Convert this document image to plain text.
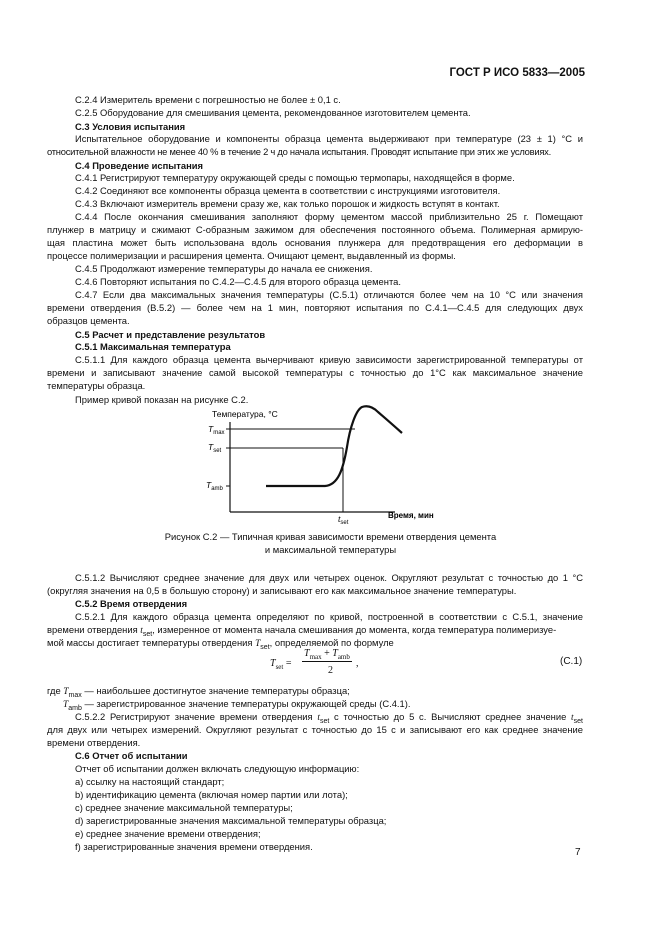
ГОСТ Р ИСО 5833—2005
С.2.4 Измеритель времени с погрешностью не более ± 0,1 с.
С.2.5 Оборудование для смешивания цемента, рекомендованное изготовителем цемента.
С.3 Условия испытания
Испытательное оборудование и компоненты образца цемента выдерживают при температуре (23 ± 1) °С и
относительной влажности не менее 40 % в течение 2 ч до начала испытания. Проводят испытание при этих же условиях.
С.4 Проведение испытания
С.4.1 Регистрируют температуру окружающей среды с помощью термопары, находящейся в форме.
С.4.2 Соединяют все компоненты образца цемента в соответствии с инструкциями изготовителя.
С.4.3 Включают измеритель времени сразу же, как только порошок и жидкость вступят в контакт.
С.4.4 После окончания смешивания заполняют форму цементом массой приблизительно 25 г. Помещают
плунжер в матрицу и сжимают С-образным зажимом для обеспечения постоянного объема. Полимерная армирую-
щая пластина может быть использована вдоль основания плунжера для предотвращения его деформации в
процессе полимеризации и расширения цемента. Очищают цемент, выдавленный из формы.
С.4.5 Продолжают измерение температуры до начала ее снижения.
С.4.6 Повторяют испытания по С.4.2—С.4.5 для второго образца цемента.
С.4.7 Если два максимальных значения температуры (С.5.1) отличаются более чем на 10 °С или значения
времени отвердения (В.5.2) — более чем на 1 мин, повторяют испытания по С.4.1—С.4.5 для следующих двух
образцов цемента.
С.5 Расчет и представление результатов
С.5.1 Максимальная температура
С.5.1.1 Для каждого образца цемента вычерчивают кривую зависимости зарегистрированной температуры от
времени и записывают значение самой высокой температуры с точностью до 1°С как максимальное значение
температуры образца.
Пример кривой показан на рисунке С.2.
Температура, °С
$T_{max}$
$T_{set}$
$T_{amb}$
$t_{set}$
Время, мин
Рисунок С.2 — Типичная кривая зависимости времени отвердения цемента
и максимальной температуры
С.5.1.2 Вычисляют среднее значение для двух или четырех оценок. Округляют результат с точностью до 1 °С
(округляя значения на 0,5 в большую сторону) и записывают его как максимальное значение температуры.
С.5.2 Время отвердения
С.5.2.1 Для каждого образца цемента определяют по кривой, построенной в соответствии с С.5.1, значение
времени отвердения $t_{set}$, измеренное от момента начала смешивания до момента, когда температура полимеризуе-
мой массы достигает температуры отвердения $T_{set}$, определяемой по формуле
$T_{set}$ =
$T_{max} + T_{amb}$
2
,	(С.1)
где $T_{max}$ — наибольшее достигнутое значение температуры образца;
$T_{amb}$ — зарегистрированное значение температуры окружающей среды (С.4.1).
С.5.2.2 Регистрируют значение времени отвердения $t_{set}$ с точностью до 5 с. Вычисляют среднее значение $t_{set}$
для двух или четырех измерений. Округляют результат с точностью до 15 с и записывают его как среднее значение
времени отвердения.
С.6 Отчет об испытании
Отчет об испытании должен включать следующую информацию:
а) ссылку на настоящий стандарт;
b) идентификацию цемента (включая номер партии или лота);
с) среднее значение максимальной температуры;
d) зарегистрированные значения максимальной температуры образца;
е) среднее значение времени отвердения;
f) зарегистрированные значения времени отвердения.
7
